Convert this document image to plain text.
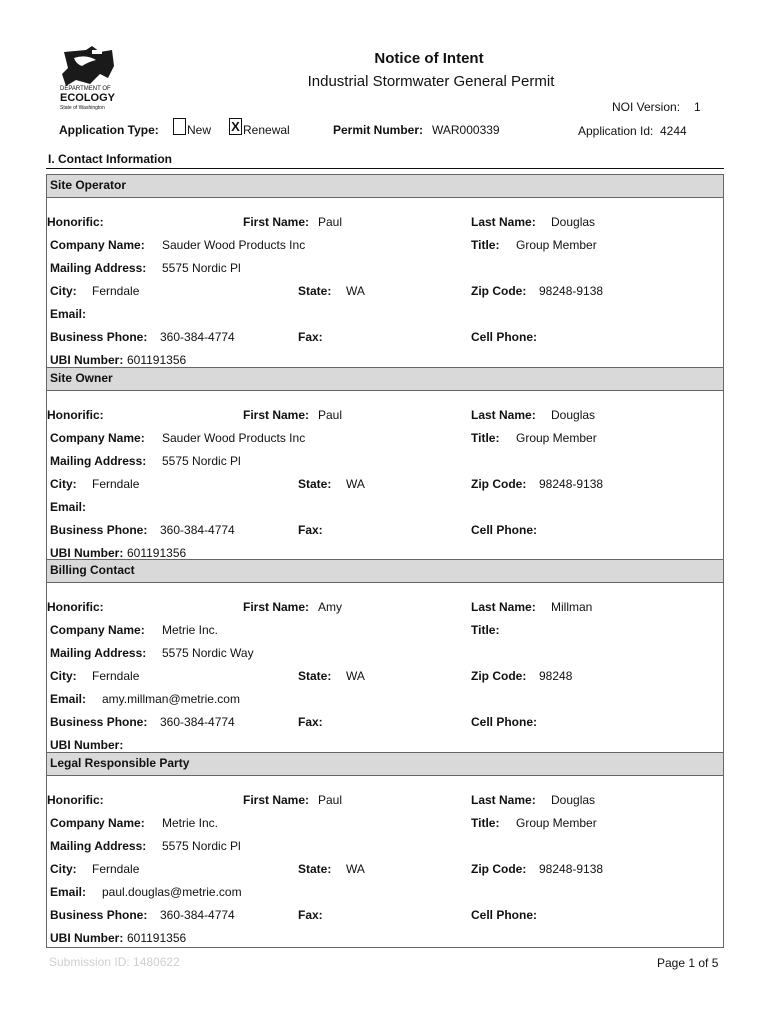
DEPARTMENT OF
ECOLOGY
State of Washington
Notice of Intent
Industrial Stormwater General Permit
NOI Version: 1
Application Type: New X Renewal	Permit Number: WAR000339	Application Id: 4244
I. Contact Information
Site Operator
Honorific:	First Name: Paul	Last Name: Douglas
Company Name: Sauder Wood Products Inc	Title: Group Member
Mailing Address: 5575 Nordic Pl
City: Ferndale	State: WA	Zip Code: 98248-9138
Email:
Business Phone: 360-384-4774	Fax:	Cell Phone:
UBI Number: 601191356
Site Owner
Honorific:	First Name: Paul	Last Name: Douglas
Company Name: Sauder Wood Products Inc	Title: Group Member
Mailing Address: 5575 Nordic Pl
City: Ferndale	State: WA	Zip Code: 98248-9138
Email:
Business Phone: 360-384-4774	Fax:	Cell Phone:
UBI Number: 601191356
Billing Contact
Honorific:	First Name: Amy	Last Name: Millman
Company Name: Metrie Inc.	Title:
Mailing Address: 5575 Nordic Way
City: Ferndale	State: WA	Zip Code: 98248
Email: amy.millman@metrie.com
Business Phone: 360-384-4774	Fax:	Cell Phone:
UBI Number:
Legal Responsible Party
Honorific:	First Name: Paul	Last Name: Douglas
Company Name: Metrie Inc.	Title: Group Member
Mailing Address: 5575 Nordic Pl
City: Ferndale	State: WA	Zip Code: 98248-9138
Email: paul.douglas@metrie.com
Business Phone: 360-384-4774	Fax:	Cell Phone:
UBI Number: 601191356
Submission ID: 1480622	Page 1 of 5
